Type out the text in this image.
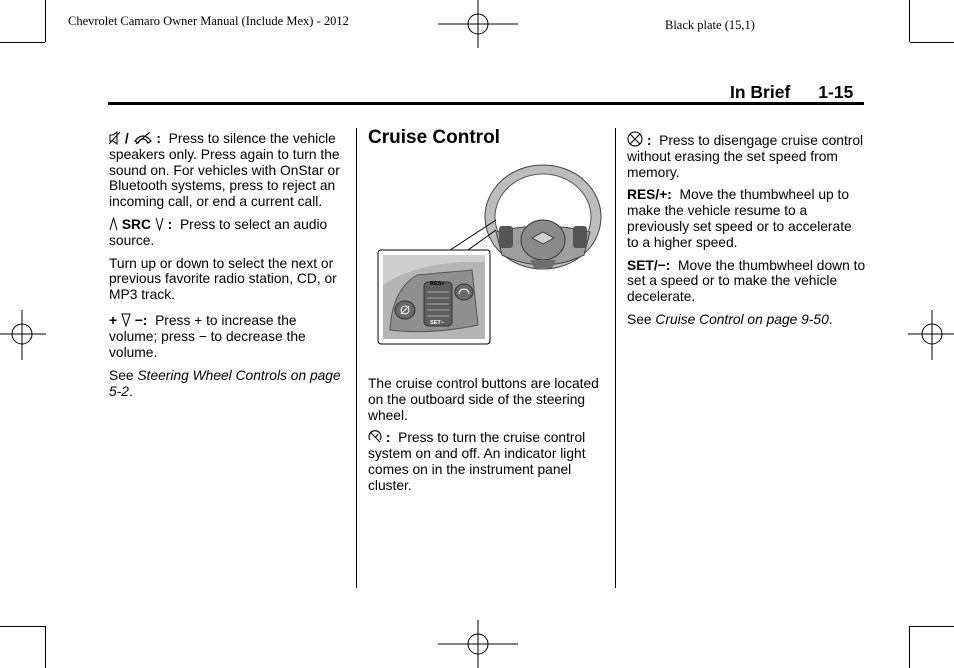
Chevrolet Camaro Owner Manual (Include Mex) - 2012	Black plate (15,1)
In Brief 1-15

/ : Press to silence the vehicle speakers only. Press again to turn the sound on. For vehicles with OnStar or Bluetooth systems, press to reject an incoming call, or end a current call.

SRC : Press to select an audio source.

Turn up or down to select the next or previous favorite radio station, CD, or MP3 track.

+ −: Press + to increase the volume; press − to decrease the volume.

See Steering Wheel Controls on page 5-2.

Cruise Control
RES+
SET−

The cruise control buttons are located on the outboard side of the steering wheel.

: Press to turn the cruise control system on and off. An indicator light comes on in the instrument panel cluster.

: Press to disengage cruise control without erasing the set speed from memory.

RES/+: Move the thumbwheel up to make the vehicle resume to a previously set speed or to accelerate to a higher speed.

SET/−: Move the thumbwheel down to set a speed or to make the vehicle decelerate.

See Cruise Control on page 9-50.
